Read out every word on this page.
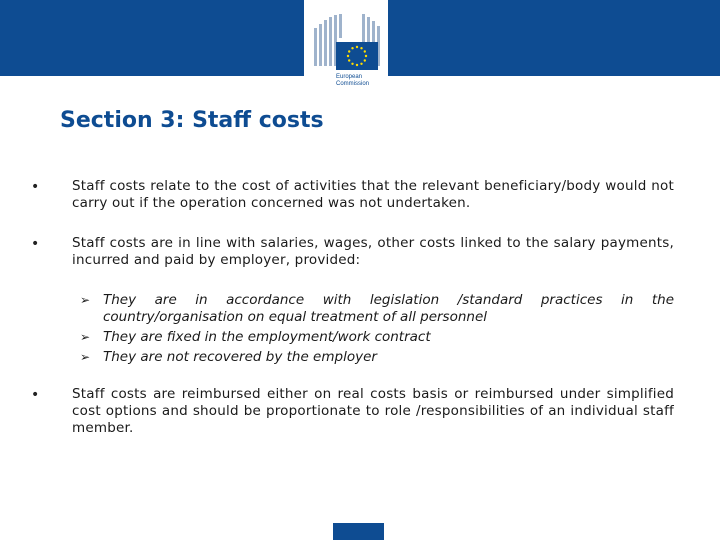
European
Commission
Section 3: Staff costs
• Staff costs relate to the cost of activities that the relevant beneficiary/body would not carry out if the operation concerned was not undertaken.

• Staff costs are in line with salaries, wages, other costs linked to the salary payments, incurred and paid by employer, provided:

➢ They are in accordance with legislation /standard practices in the country/organisation on equal treatment of all personnel
➢ They are fixed in the employment/work contract
➢ They are not recovered by the employer
• Staff costs are reimbursed either on real costs basis or reimbursed under simplified cost options and should be proportionate to role /responsibilities of an individual staff member.
